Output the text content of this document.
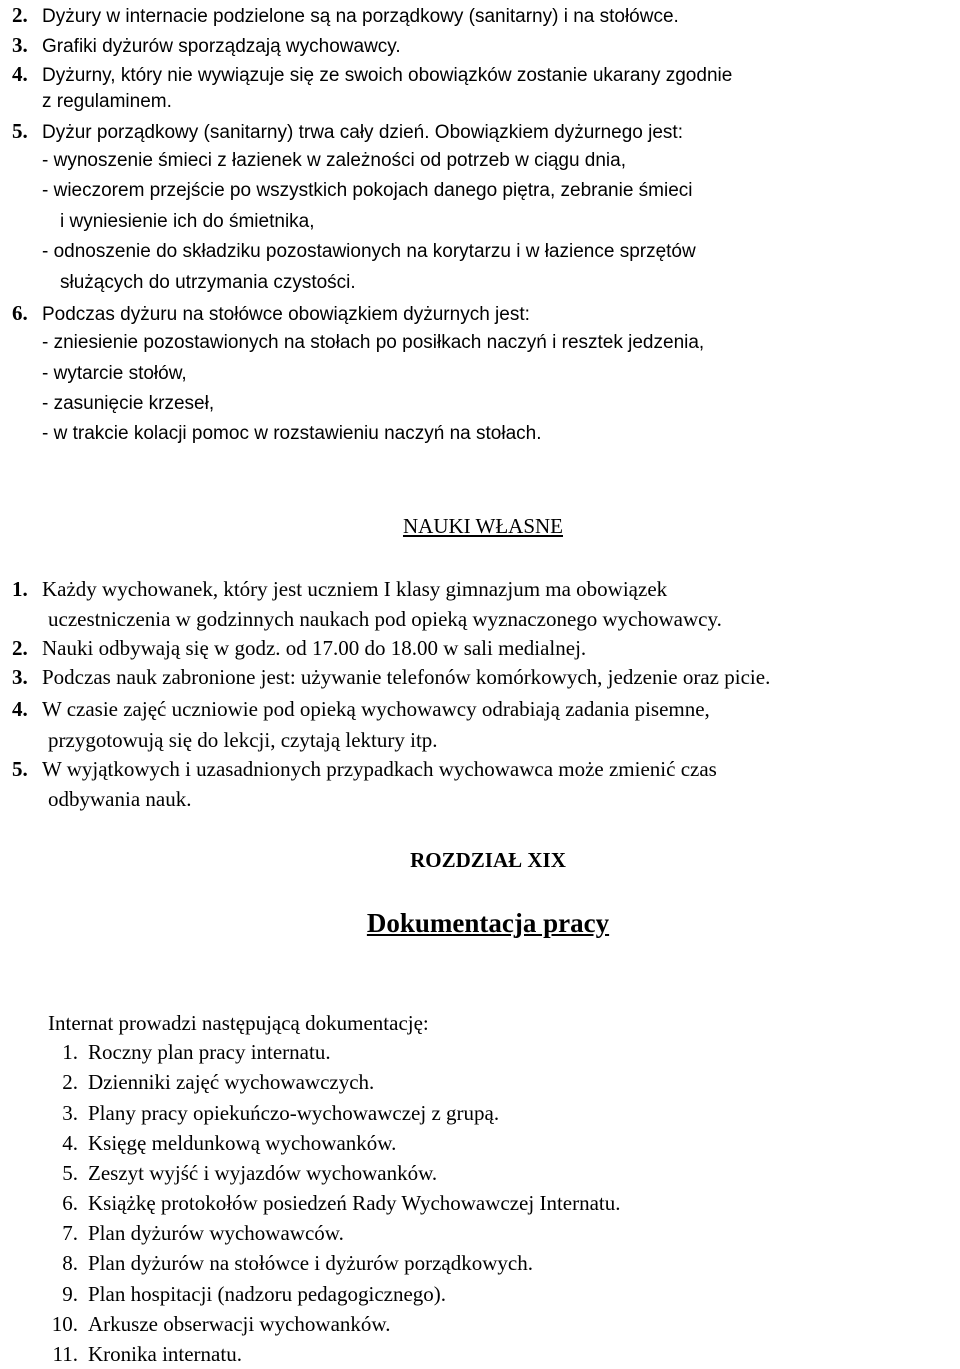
2. Dyżury w internacie podzielone są na porządkowy (sanitarny) i na stołówce.
3. Grafiki dyżurów sporządzają wychowawcy.
4. Dyżurny, który nie wywiązuje się ze swoich obowiązków zostanie ukarany zgodnie
z regulaminem.
5. Dyżur porządkowy (sanitarny) trwa cały dzień. Obowiązkiem dyżurnego jest:
- wynoszenie śmieci z łazienek w zależności od potrzeb w ciągu dnia,
- wieczorem przejście po wszystkich pokojach danego piętra, zebranie śmieci
i wyniesienie ich do śmietnika,
- odnoszenie do składziku pozostawionych na korytarzu i w łazience sprzętów
służących do utrzymania czystości.
6. Podczas dyżuru na stołówce obowiązkiem dyżurnych jest:
- zniesienie pozostawionych na stołach po posiłkach naczyń i resztek jedzenia,
- wytarcie stołów,
- zasunięcie krzeseł,
- w trakcie kolacji pomoc w rozstawieniu naczyń na stołach.
NAUKI WŁASNE
1. Każdy wychowanek, który jest uczniem I klasy gimnazjum ma obowiązek
uczestniczenia w godzinnych naukach pod opieką wyznaczonego wychowawcy.
2. Nauki odbywają się w godz. od 17.00 do 18.00 w sali medialnej.
3. Podczas nauk zabronione jest: używanie telefonów komórkowych, jedzenie oraz picie.
4. W czasie zajęć uczniowie pod opieką wychowawcy odrabiają zadania pisemne,
przygotowują się do lekcji, czytają lektury itp.
5. W wyjątkowych i uzasadnionych przypadkach wychowawca może zmienić czas
odbywania nauk.
ROZDZIAŁ XIX
Dokumentacja pracy
Internat prowadzi następującą dokumentację:
1. Roczny plan pracy internatu.
2. Dzienniki zajęć wychowawczych.
3. Plany pracy opiekuńczo-wychowawczej z grupą.
4. Księgę meldunkową wychowanków.
5. Zeszyt wyjść i wyjazdów wychowanków.
6. Książkę protokołów posiedzeń Rady Wychowawczej Internatu.
7. Plan dyżurów wychowawców.
8. Plan dyżurów na stołówce i dyżurów porządkowych.
9. Plan hospitacji (nadzoru pedagogicznego).
10. Arkusze obserwacji wychowanków.
11. Kronika internatu.
